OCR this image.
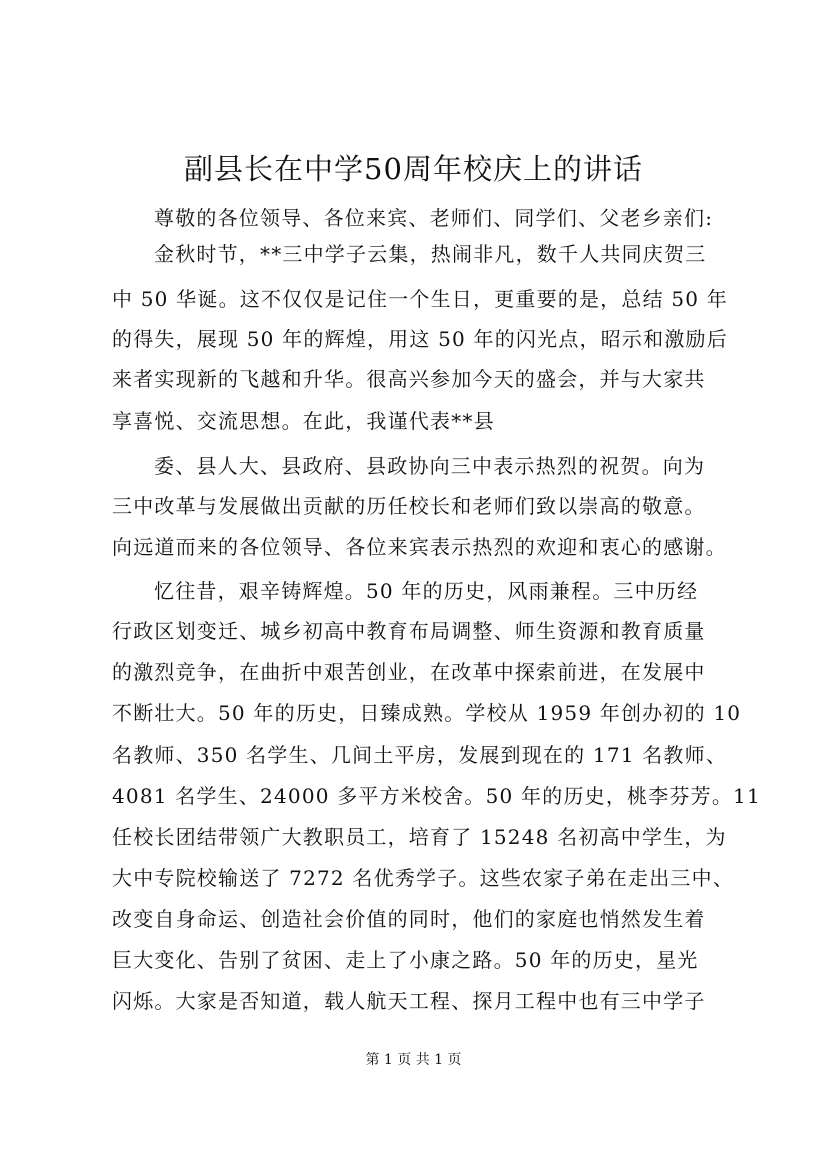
副县长在中学50周年校庆上的讲话
尊敬的各位领导、各位来宾、老师们、同学们、父老乡亲们:
金秋时节，**三中学子云集，热闹非凡，数千人共同庆贺三
中 50 华诞。这不仅仅是记住一个生日，更重要的是，总结 50 年
的得失，展现 50 年的辉煌，用这 50 年的闪光点，昭示和激励后
来者实现新的飞越和升华。很高兴参加今天的盛会，并与大家共
享喜悦、交流思想。在此，我谨代表**县
委、县人大、县政府、县政协向三中表示热烈的祝贺。向为
三中改革与发展做出贡献的历任校长和老师们致以崇高的敬意。
向远道而来的各位领导、各位来宾表示热烈的欢迎和衷心的感谢。
忆往昔，艰辛铸辉煌。50 年的历史，风雨兼程。三中历经
行政区划变迁、城乡初高中教育布局调整、师生资源和教育质量
的激烈竞争，在曲折中艰苦创业，在改革中探索前进，在发展中
不断壮大。50 年的历史，日臻成熟。学校从 1959 年创办初的 10
名教师、350 名学生、几间土平房，发展到现在的 171 名教师、
4081 名学生、24000 多平方米校舍。50 年的历史，桃李芬芳。11
任校长团结带领广大教职员工，培育了 15248 名初高中学生，为
大中专院校输送了 7272 名优秀学子。这些农家子弟在走出三中、
改变自身命运、创造社会价值的同时，他们的家庭也悄然发生着
巨大变化、告别了贫困、走上了小康之路。50 年的历史，星光
闪烁。大家是否知道，载人航天工程、探月工程中也有三中学子
第 1 页 共 1 页
